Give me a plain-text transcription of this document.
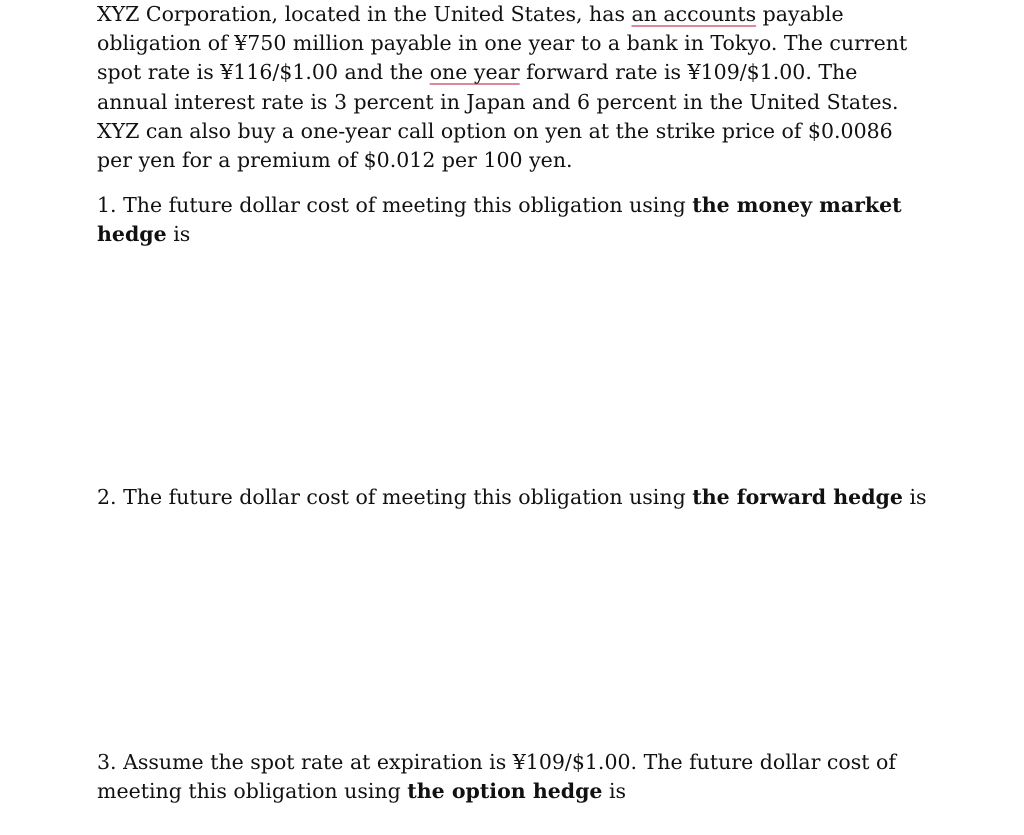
XYZ Corporation, located in the United States, has an accounts payable
obligation of ¥750 million payable in one year to a bank in Tokyo. The current
spot rate is ¥116/$1.00 and the one year forward rate is ¥109/$1.00. The
annual interest rate is 3 percent in Japan and 6 percent in the United States.
XYZ can also buy a one-year call option on yen at the strike price of $0.0086
per yen for a premium of $0.012 per 100 yen.

1. The future dollar cost of meeting this obligation using the money market
hedge is

2. The future dollar cost of meeting this obligation using the forward hedge is

3. Assume the spot rate at expiration is ¥109/$1.00. The future dollar cost of
meeting this obligation using the option hedge is
